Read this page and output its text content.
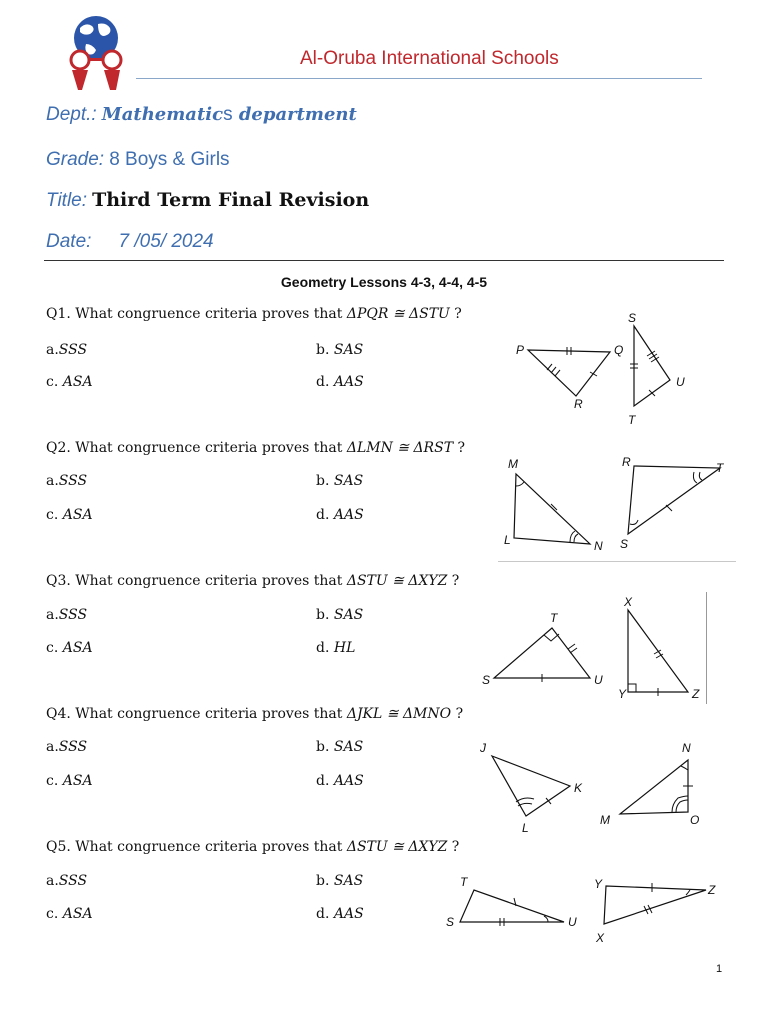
Al-Oruba International Schools
Dept.: Mathematics department
Grade: 8 Boys & Girls
Title: Third Term Final Revision
Date: 7 /05/ 2024
Geometry Lessons 4-3, 4-4, 4-5
Q1. What congruence criteria proves that ΔPQR ≅ ΔSTU ?
a.SSS	b. SAS
c. ASA	d. AAS
P	Q
R
S
U
T
Q2. What congruence criteria proves that ΔLMN ≅ ΔRST ?
a.SSS	b. SAS
c. ASA	d. AAS
M
L	N
R	T
S
Q3. What congruence criteria proves that ΔSTU ≅ ΔXYZ ?
a.SSS	b. SAS
c. ASA	d. HL
T
S	U
X
Y	Z
Q4. What congruence criteria proves that ΔJKL ≅ ΔMNO ?
a.SSS	b. SAS
c. ASA	d. AAS
J
K
L
N
M	O
Q5. What congruence criteria proves that ΔSTU ≅ ΔXYZ ?
a.SSS	b. SAS
c. ASA	d. AAS
T
S	U
Y	Z
X
1
